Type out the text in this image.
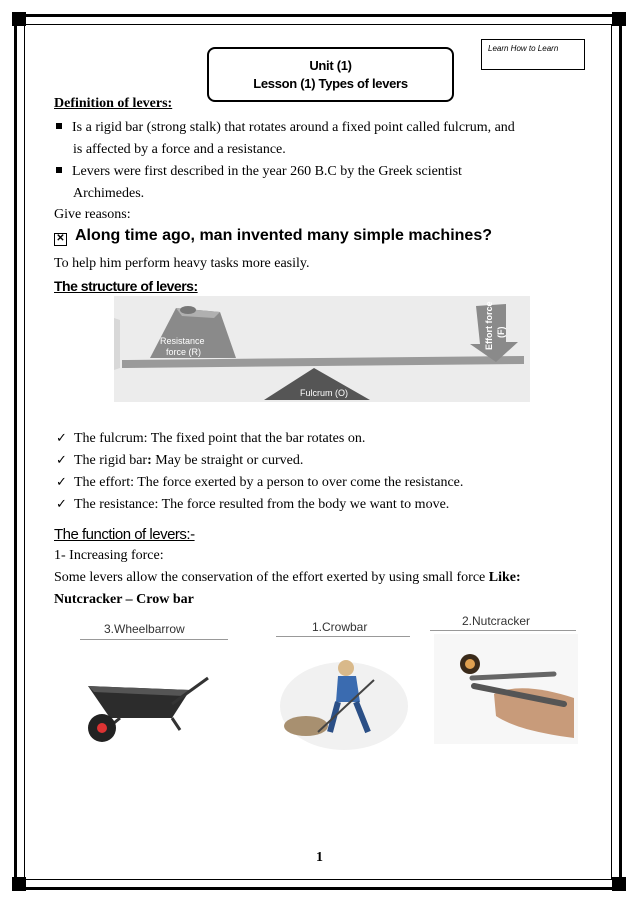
Learn How to Learn
Unit (1)
Lesson (1) Types of levers
Definition of levers:
Is a rigid bar (strong stalk) that rotates around a fixed point called fulcrum, and
is affected by a force and a resistance.
Levers were first described in the year 260 B.C by the Greek scientist
Archimedes.
Give reasons:
✕ Along time ago, man invented many simple machines?
To help him perform heavy tasks more easily.
The structure of levers:
Resistance
force (R)
Effort force (F)
Fulcrum (O)
✓ The fulcrum: The fixed point that the bar rotates on.
✓ The rigid bar: May be straight or curved.
✓ The effort: The force exerted by a person to over come the resistance.
✓ The resistance: The force resulted from the body we want to move.
The function of levers:-
1- Increasing force:
Some levers allow the conservation of the effort exerted by using small force Like:
Nutcracker – Crow bar
3.Wheelbarrow	1.Crowbar	2.Nutcracker
1
